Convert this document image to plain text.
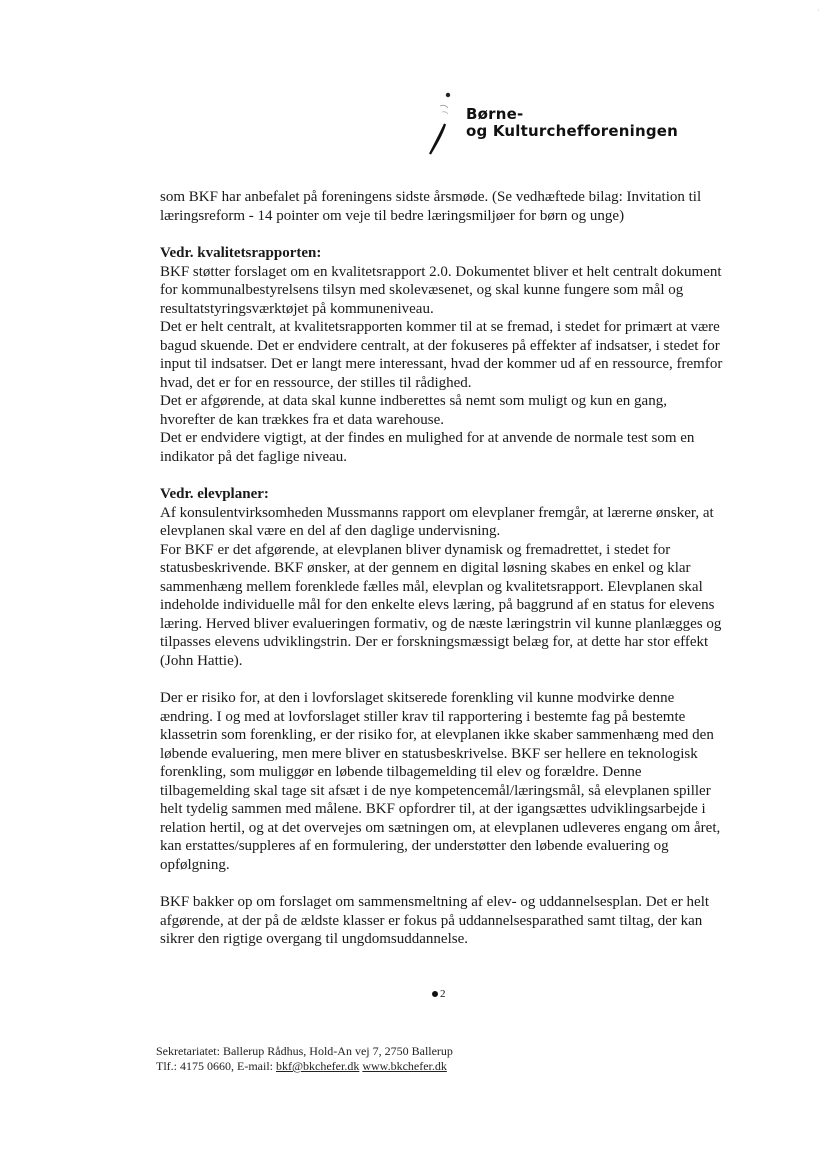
·
Børne-
og Kulturchefforeningen
som BKF har anbefalet på foreningens sidste årsmøde. (Se vedhæftede bilag: Invitation til
læringsreform - 14 pointer om veje til bedre læringsmiljøer for børn og unge)
Vedr. kvalitetsrapporten:
BKF støtter forslaget om en kvalitetsrapport 2.0. Dokumentet bliver et helt centralt dokument
for kommunalbestyrelsens tilsyn med skolevæsenet, og skal kunne fungere som mål og
resultatstyringsværktøjet på kommuneniveau.
Det er helt centralt, at kvalitetsrapporten kommer til at se fremad, i stedet for primært at være
bagud skuende. Det er endvidere centralt, at der fokuseres på effekter af indsatser, i stedet for
input til indsatser. Det er langt mere interessant, hvad der kommer ud af en ressource, fremfor
hvad, det er for en ressource, der stilles til rådighed.
Det er afgørende, at data skal kunne indberettes så nemt som muligt og kun en gang,
hvorefter de kan trækkes fra et data warehouse.
Det er endvidere vigtigt, at der findes en mulighed for at anvende de normale test som en
indikator på det faglige niveau.
Vedr. elevplaner:
Af konsulentvirksomheden Mussmanns rapport om elevplaner fremgår, at lærerne ønsker, at
elevplanen skal være en del af den daglige undervisning.
For BKF er det afgørende, at elevplanen bliver dynamisk og fremadrettet, i stedet for
statusbeskrivende. BKF ønsker, at der gennem en digital løsning skabes en enkel og klar
sammenhæng mellem forenklede fælles mål, elevplan og kvalitetsrapport. Elevplanen skal
indeholde individuelle mål for den enkelte elevs læring, på baggrund af en status for elevens
læring. Herved bliver evalueringen formativ, og de næste læringstrin vil kunne planlægges og
tilpasses elevens udviklingstrin. Der er forskningsmæssigt belæg for, at dette har stor effekt
(John Hattie).
Der er risiko for, at den i lovforslaget skitserede forenkling vil kunne modvirke denne
ændring. I og med at lovforslaget stiller krav til rapportering i bestemte fag på bestemte
klassetrin som forenkling, er der risiko for, at elevplanen ikke skaber sammenhæng med den
løbende evaluering, men mere bliver en statusbeskrivelse. BKF ser hellere en teknologisk
forenkling, som muliggør en løbende tilbagemelding til elev og forældre. Denne
tilbagemelding skal tage sit afsæt i de nye kompetencemål/læringsmål, så elevplanen spiller
helt tydelig sammen med målene. BKF opfordrer til, at der igangsættes udviklingsarbejde i
relation hertil, og at det overvejes om sætningen om, at elevplanen udleveres engang om året,
kan erstattes/suppleres af en formulering, der understøtter den løbende evaluering og
opfølgning.
BKF bakker op om forslaget om sammensmeltning af elev- og uddannelsesplan. Det er helt
afgørende, at der på de ældste klasser er fokus på uddannelsesparathed samt tiltag, der kan
sikrer den rigtige overgang til ungdomsuddannelse.
2
Sekretariatet: Ballerup Rådhus, Hold-An vej 7, 2750 Ballerup
Tlf.: 4175 0660, E-mail: bkf@bkchefer.dk www.bkchefer.dk
